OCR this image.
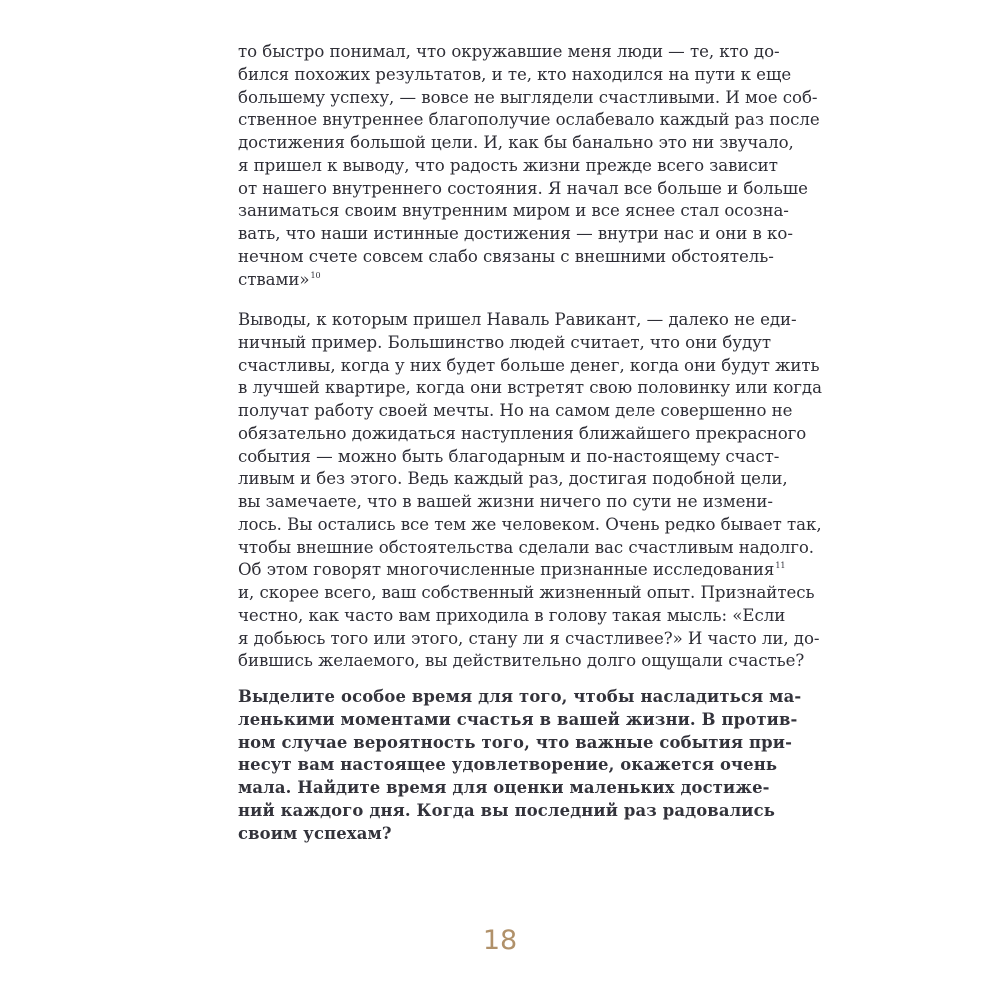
то быстро понимал, что окружавшие меня люди — те, кто до-
бился похожих результатов, и те, кто находился на пути к еще
большему успеху, — вовсе не выглядели счастливыми. И мое соб-
ственное внутреннее благополучие ослабевало каждый раз после
достижения большой цели. И, как бы банально это ни звучало,
я пришел к выводу, что радость жизни прежде всего зависит
от нашего внутреннего состояния. Я начал все больше и больше
заниматься своим внутренним миром и все яснее стал осозна-
вать, что наши истинные достижения — внутри нас и они в ко-
нечном счете совсем слабо связаны с внешними обстоятель-
ствами»$^{10}$
Выводы, к которым пришел Наваль Равикант, — далеко не еди-
ничный пример. Большинство людей считает, что они будут
счастливы, когда у них будет больше денег, когда они будут жить
в лучшей квартире, когда они встретят свою половинку или когда
получат работу своей мечты. Но на самом деле совершенно не
обязательно дожидаться наступления ближайшего прекрасного
события — можно быть благодарным и по-настоящему счаст-
ливым и без этого. Ведь каждый раз, достигая подобной цели,
вы замечаете, что в вашей жизни ничего по сути не измени-
лось. Вы остались все тем же человеком. Очень редко бывает так,
чтобы внешние обстоятельства сделали вас счастливым надолго.
Об этом говорят многочисленные признанные исследования$^{11}$
и, скорее всего, ваш собственный жизненный опыт. Признайтесь
честно, как часто вам приходила в голову такая мысль: «Если
я добьюсь того или этого, стану ли я счастливее?» И часто ли, до-
бившись желаемого, вы действительно долго ощущали счастье?
Выделите особое время для того, чтобы насладиться ма-
ленькими моментами счастья в вашей жизни. В против-
ном случае вероятность того, что важные события при-
несут вам настоящее удовлетворение, окажется очень
мала. Найдите время для оценки маленьких достиже-
ний каждого дня. Когда вы последний раз радовались
своим успехам?
18
